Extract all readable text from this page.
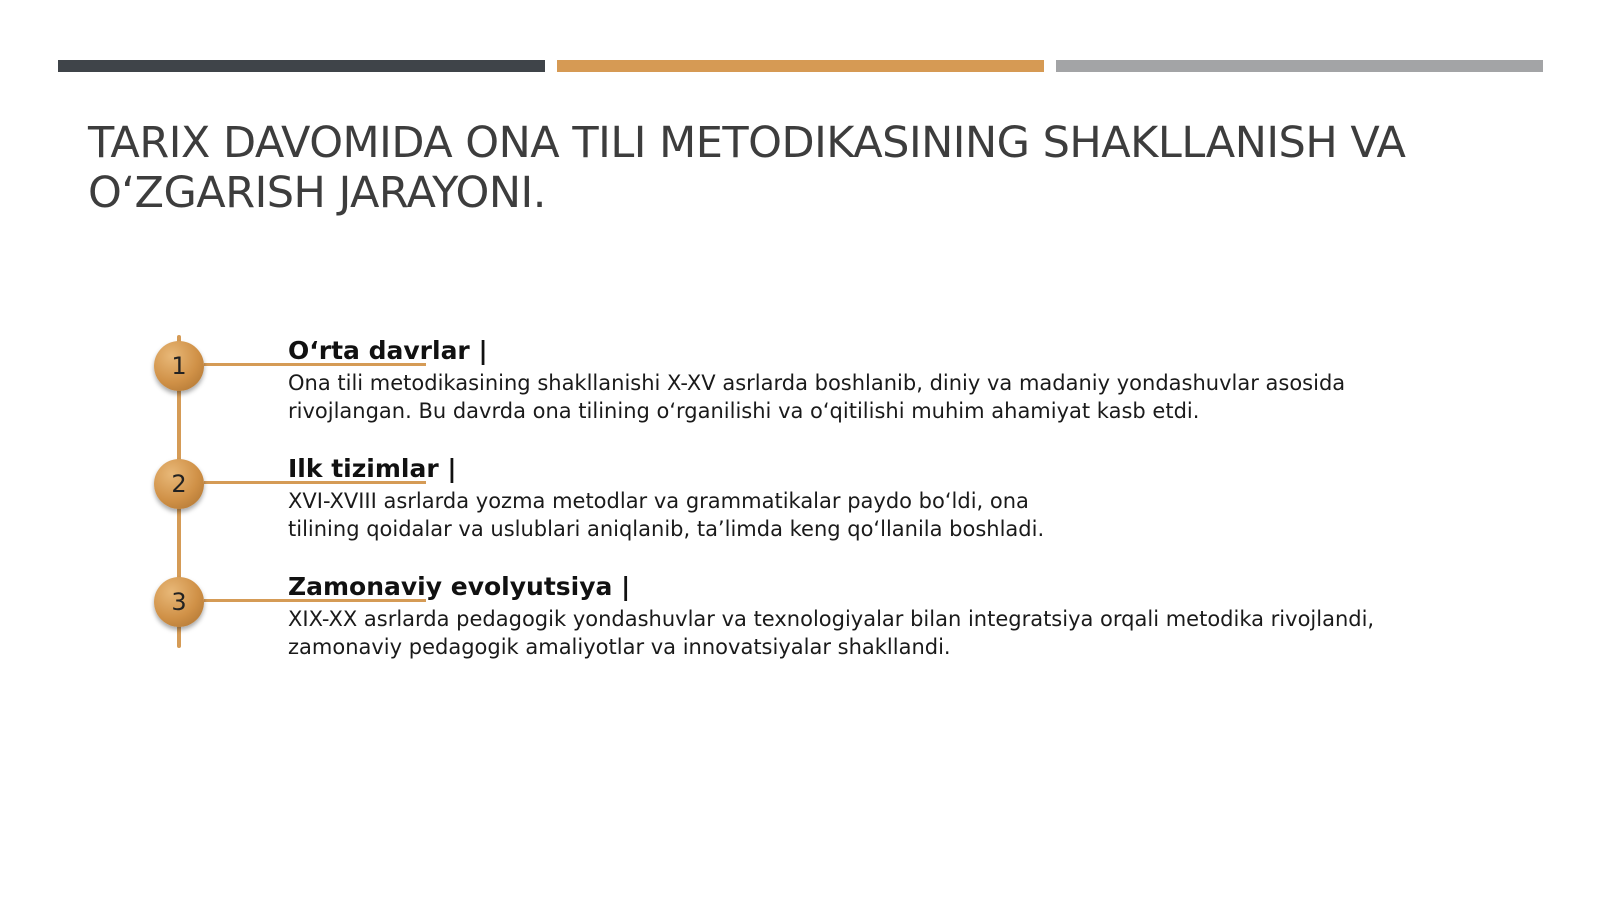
TARIX DAVOMIDA ONA TILI METODIKASINING SHAKLLANISH VA
O‘ZGARISH JARAYONI.
1
O‘rta davrlar |
Ona tili metodikasining shakllanishi X-XV asrlarda boshlanib, diniy va madaniy yondashuvlar asosida
rivojlangan. Bu davrda ona tilining o‘rganilishi va o‘qitilishi muhim ahamiyat kasb etdi.
2
Ilk tizimlar |
XVI-XVIII asrlarda yozma metodlar va grammatikalar paydo bo‘ldi, ona
tilining qoidalar va uslublari aniqlanib, ta’limda keng qo‘llanila boshladi.
3
Zamonaviy evolyutsiya |
XIX-XX asrlarda pedagogik yondashuvlar va texnologiyalar bilan integratsiya orqali metodika rivojlandi,
zamonaviy pedagogik amaliyotlar va innovatsiyalar shakllandi.
